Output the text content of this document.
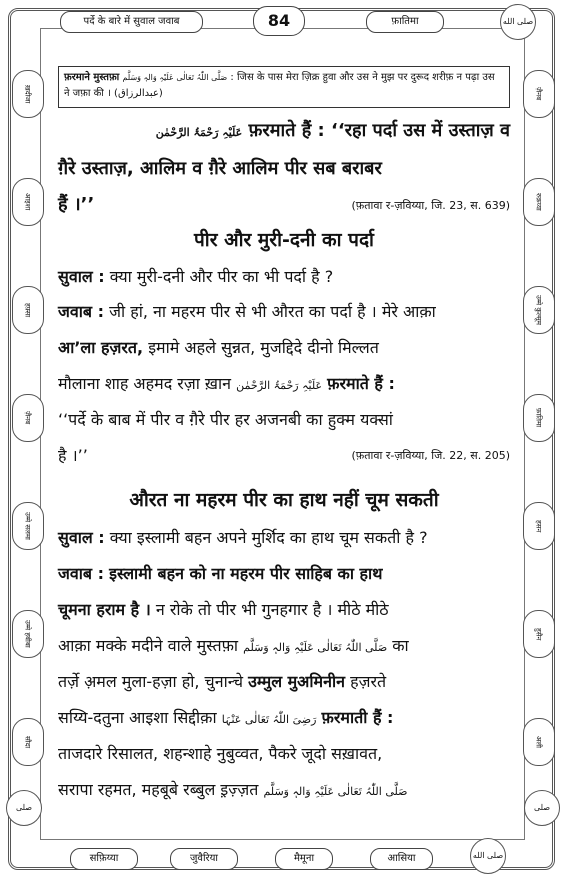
पर्दे के बारे में सुवाल जवाब	84	फ़ातिमा	صلى الله
ख़दीजा
आइशा
हफ़्सा
ज़ैनब
उम्मे सलमा
उम्मे हबीबा
सौदा
ज़ैनब
रुक़य्या
उम्मे कुल्सूम
फ़ातिमा
हसन
हुसैन
अली
फ़रमाने मुस्तफ़ा صَلَّى اللّٰہُ تَعَالٰی عَلَیْہِ وَالہٖ وَسَلَّم : जिस के पास मेरा ज़िक्र हुवा और उस ने मुझ पर दुरूद शरीफ़ न पढ़ा उस
ने जफ़ा की । (عبدالرزاق)
عَلَیْہِ رَحْمَۃُ الرَّحْمٰن फ़रमाते हैं : ‘‘रहा पर्दा उस में उस्ताज़ व
ग़ैरे उस्ताज़, आलिम व ग़ैरे आलिम पीर सब बराबर
हैं ।’’	(फ़तावा र-ज़विय्या, जि. 23, स. 639)
पीर और मुरी-दनी का पर्दा
सुवाल : क्या मुरी-दनी और पीर का भी पर्दा है ?
जवाब : जी हां, ना महरम पीर से भी औरत का पर्दा है । मेरे आक़ा
आ’ला हज़रत, इमामे अहले सुन्नत, मुजद्दिदे दीनो मिल्लत
मौलाना शाह अहमद रज़ा ख़ान عَلَیْہِ رَحْمَۃُ الرَّحْمٰن फ़रमाते हैं :
‘‘पर्दे के बाब में पीर व ग़ैरे पीर हर अजनबी का हुक्म यक्सां
है ।’’	(फ़तावा र-ज़विय्या, जि. 22, स. 205)
औरत ना महरम पीर का हाथ नहीं चूम सकती
सुवाल : क्या इस्लामी बहन अपने मुर्शिद का हाथ चूम सकती है ?
जवाब : इस्लामी बहन को ना महरम पीर साहिब का हाथ
चूमना हराम है । न रोके तो पीर भी गुनहगार है । मीठे मीठे
आक़ा मक्के मदीने वाले मुस्तफ़ा صَلَّى اللّٰہُ تَعَالٰی عَلَیْہِ وَالہٖ وَسَلَّم का
तर्ज़े अ़मल मुला-हज़ा हो, चुनान्चे उम्मुल मुअमिनीन हज़रते
सय्यि-दतुना आइशा सिद्दीक़ा رَضِیَ اللّٰہُ تَعَالٰی عَنْہَا फ़रमाती हैं :
ताजदारे रिसालत, शहन्शाहे नुबुव्वत, पैकरे जूदो सख़ावत,
सरापा रहमत, महबूबे रब्बुल इ़ज़्ज़त صَلَّى اللّٰہُ تَعَالٰی عَلَیْہِ وَالہٖ وَسَلَّم
صلى	صلى
सफ़िय्या	जुवैरिया	मैमूना	आसिया	صلى الله
